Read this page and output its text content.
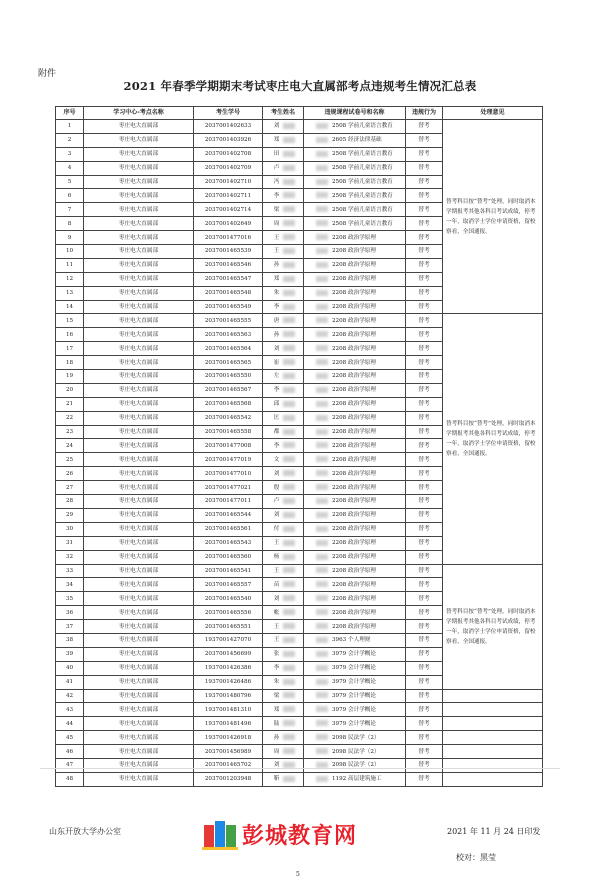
附件
2021 年春季学期期末考试枣庄电大直属部考点违规考生情况汇总表
序号	学习中心-考点名称	考生学号	考生姓名	违规课程试卷号和名称	违规行为	处理意见
1	枣庄电大直属部	2037001402633	刘	2508 学前儿童语言教育	替考	替考科目按“替考”处理，同时取消本学期报考其他各科目考试成绩，停考一年，取消学士学位申请资格，留校察看，全国通报。
2	枣庄电大直属部	2037001403926	郑	2605 经济法律基础	替考	
3	枣庄电大直属部	2037001402708	田	2508 学前儿童语言教育	替考	
4	枣庄电大直属部	2037001402709	卢	2508 学前儿童语言教育	替考	
5	枣庄电大直属部	2037001402710	冯	2508 学前儿童语言教育	替考	
6	枣庄电大直属部	2037001402711	李	2508 学前儿童语言教育	替考	
7	枣庄电大直属部	2037001402714	梁	2508 学前儿童语言教育	替考	
8	枣庄电大直属部	2037001402649	周	2508 学前儿童语言教育	替考	
9	枣庄电大直属部	2037001477016	王	2208 政治学原理	替考	
10	枣庄电大直属部	2037001465539	王	2208 政治学原理	替考	
11	枣庄电大直属部	2037001465546	孙	2208 政治学原理	替考	
12	枣庄电大直属部	2037001465547	郑	2208 政治学原理	替考	
13	枣庄电大直属部	2037001465548	朱	2208 政治学原理	替考	
14	枣庄电大直属部	2037001465549	李	2208 政治学原理	替考	
15	枣庄电大直属部	2037001465555	唐	2208 政治学原理	替考	替考科目按“替考”处理，同时取消本学期报考其他各科目考试成绩，停考一年，取消学士学位申请资格，留校察看，全国通报。
16	枣庄电大直属部	2037001465563	孙	2208 政治学原理	替考	
17	枣庄电大直属部	2037001465564	刘	2208 政治学原理	替考	
18	枣庄电大直属部	2037001465565	崔	2208 政治学原理	替考	
19	枣庄电大直属部	2037001465550	左	2208 政治学原理	替考	
20	枣庄电大直属部	2037001465567	李	2208 政治学原理	替考	
21	枣庄电大直属部	2037001465568	邱	2208 政治学原理	替考	
22	枣庄电大直属部	2037001465542	匡	2208 政治学原理	替考	
23	枣庄电大直属部	2037001465558	都	2208 政治学原理	替考	
24	枣庄电大直属部	2037001477008	李	2208 政治学原理	替考	
25	枣庄电大直属部	2037001477019	文	2208 政治学原理	替考	
26	枣庄电大直属部	2037001477010	刘	2208 政治学原理	替考	
27	枣庄电大直属部	2037001477021	殷	2208 政治学原理	替考	
28	枣庄电大直属部	2037001477011	卢	2208 政治学原理	替考	
29	枣庄电大直属部	2037001465544	刘	2208 政治学原理	替考	
30	枣庄电大直属部	2037001465561	付	2208 政治学原理	替考	
31	枣庄电大直属部	2037001465543	王	2208 政治学原理	替考	
32	枣庄电大直属部	2037001465560	杨	2208 政治学原理	替考	
33	枣庄电大直属部	2037001465541	王	2208 政治学原理	替考	替考科目按“替考”处理，同时取消本学期报考其他各科目考试成绩，停考一年，取消学士学位申请资格，留校察看，全国通报。
34	枣庄电大直属部	2037001465557	苗	2208 政治学原理	替考	
35	枣庄电大直属部	2037001465540	刘	2208 政治学原理	替考	
36	枣庄电大直属部	2037001465556	帐	2208 政治学原理	替考	
37	枣庄电大直属部	2037001465551	王	2208 政治学原理	替考	
38	枣庄电大直属部	1937001427070	王	3963 个人理财	替考	
39	枣庄电大直属部	2037001456699	张	3979 会计学概论	替考	
40	枣庄电大直属部	1937001426386	李	3979 会计学概论	替考	
41	枣庄电大直属部	1937001426486	朱	3979 会计学概论	替考	
42	枣庄电大直属部	1937001480796	梁	3979 会计学概论	替考	
43	枣庄电大直属部	1937001481310	郑	3979 会计学概论	替考	
44	枣庄电大直属部	1937001481496	陆	3979 会计学概论	替考	
45	枣庄电大直属部	1937001426918	孙	2098 民法学（2）	替考	
46	枣庄电大直属部	2037001456989	周	2098 民法学（2）	替考	
47	枣庄电大直属部	2037001465702	刘	2098 民法学（2）	替考	
48	枣庄电大直属部	2037001203948	靳	1192 高层建筑施工	替考	
山东开放大学办公室	彭城教育网	2021 年 11 月 24 日印发
校对：黑莹
5
